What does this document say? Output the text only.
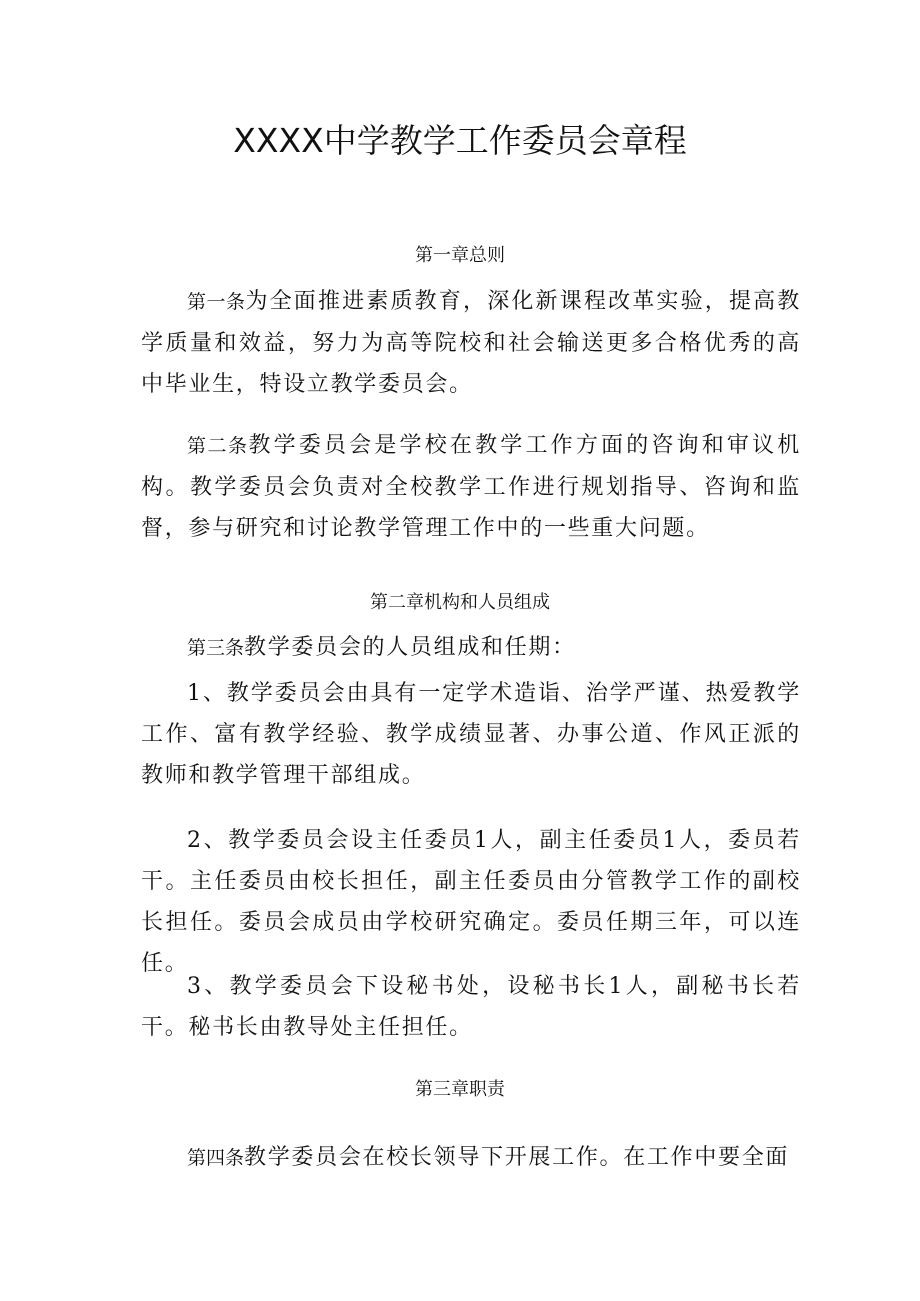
XXXX中学教学工作委员会章程
第一章总则

第一条为全面推进素质教育，深化新课程改革实验，提高教学质量和效益，努力为高等院校和社会输送更多合格优秀的高中毕业生，特设立教学委员会。

第二条教学委员会是学校在教学工作方面的咨询和审议机构。教学委员会负责对全校教学工作进行规划指导、咨询和监督，参与研究和讨论教学管理工作中的一些重大问题。

第二章机构和人员组成

第三条教学委员会的人员组成和任期：

1、教学委员会由具有一定学术造诣、治学严谨、热爱教学工作、富有教学经验、教学成绩显著、办事公道、作风正派的教师和教学管理干部组成。

2、教学委员会设主任委员1人，副主任委员1人，委员若干。主任委员由校长担任，副主任委员由分管教学工作的副校长担任。委员会成员由学校研究确定。委员任期三年，可以连任。

3、教学委员会下设秘书处，设秘书长1人，副秘书长若干。秘书长由教导处主任担任。

第三章职责

第四条教学委员会在校长领导下开展工作。在工作中要全面
